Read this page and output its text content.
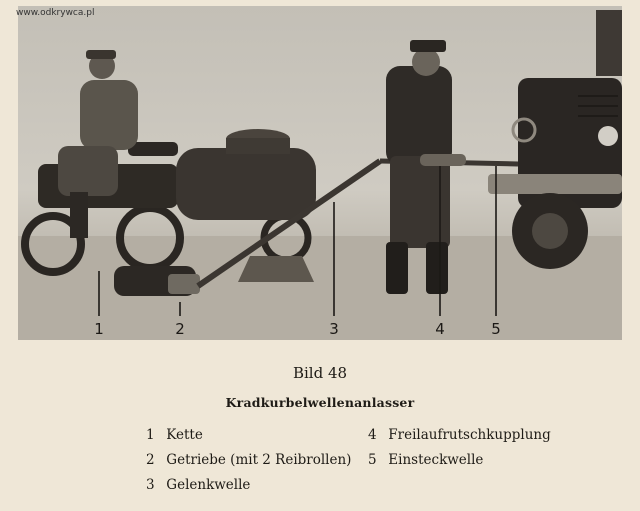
www.odkrywca.pl
1	2	3	4	5
Bild 48
Kradkurbelwellenanlasser
1 Kette
2 Getriebe (mit 2 Reibrollen)
3 Gelenkwelle
4 Freilaufrutschkupplung
5 Einsteckwelle
